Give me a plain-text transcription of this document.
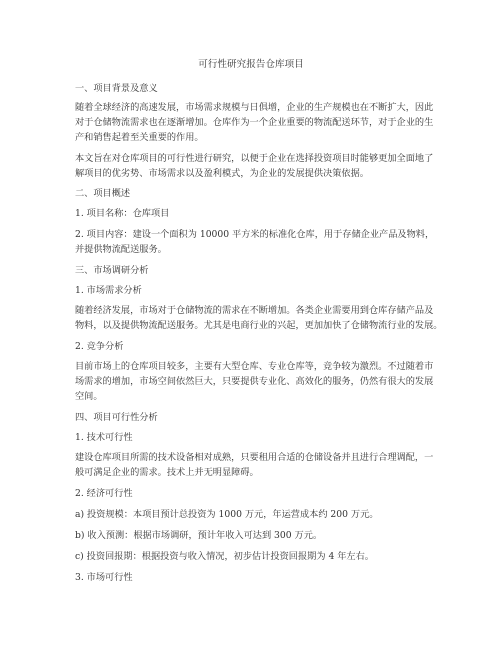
可行性研究报告仓库项目
一、项目背景及意义
随着全球经济的高速发展，市场需求规模与日俱增，企业的生产规模也在不断扩大，因此
对于仓储物流需求也在逐渐增加。仓库作为一个企业重要的物流配送环节，对于企业的生
产和销售起着至关重要的作用。
本文旨在对仓库项目的可行性进行研究，以便于企业在选择投资项目时能够更加全面地了
解项目的优劣势、市场需求以及盈利模式，为企业的发展提供决策依据。
二、项目概述
1. 项目名称：仓库项目
2. 项目内容：建设一个面积为 10000 平方米的标准化仓库，用于存储企业产品及物料，
并提供物流配送服务。
三、市场调研分析
1. 市场需求分析
随着经济发展，市场对于仓储物流的需求在不断增加。各类企业需要用到仓库存储产品及
物料，以及提供物流配送服务。尤其是电商行业的兴起，更加加快了仓储物流行业的发展。
2. 竞争分析
目前市场上的仓库项目较多，主要有大型仓库、专业仓库等，竞争较为激烈。不过随着市
场需求的增加，市场空间依然巨大，只要提供专业化、高效化的服务，仍然有很大的发展
空间。
四、项目可行性分析
1. 技术可行性
建设仓库项目所需的技术设备相对成熟，只要租用合适的仓储设备并且进行合理调配，一
般可满足企业的需求。技术上并无明显障碍。
2. 经济可行性
a) 投资规模：本项目预计总投资为 1000 万元，年运营成本约 200 万元。
b) 收入预测：根据市场调研，预计年收入可达到 300 万元。
c) 投资回报期：根据投资与收入情况，初步估计投资回报期为 4 年左右。
3. 市场可行性
